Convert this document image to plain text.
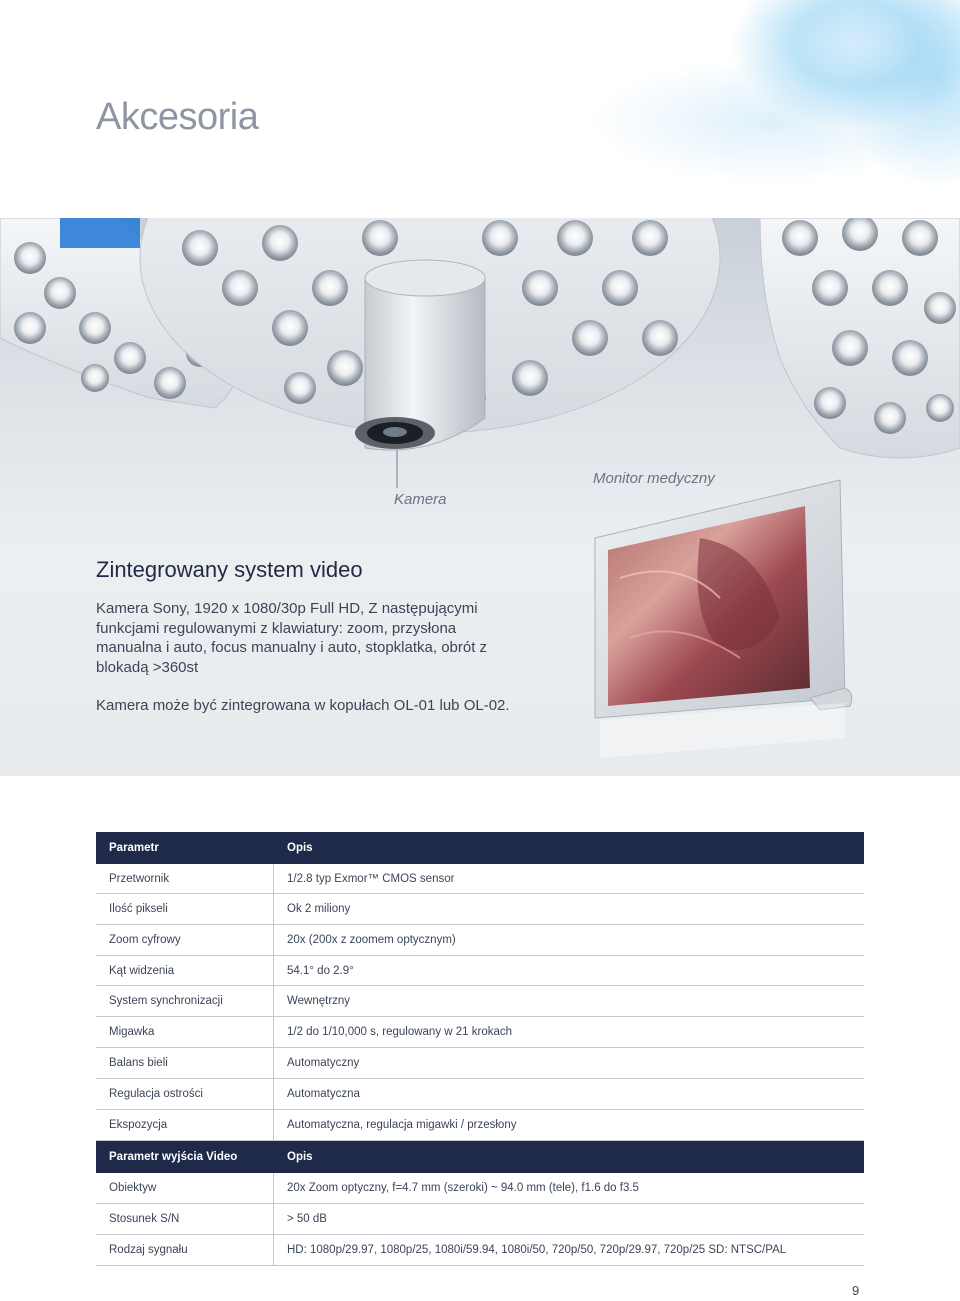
Akcesoria
Kamera
Monitor medyczny
Zintegrowany system video

Kamera Sony, 1920 x 1080/30p Full HD, Z następującymi funkcjami regulowanymi z klawiatury: zoom, przysłona manualna i auto, focus manualny i auto, stopklatka, obrót z blokadą >360st

Kamera może być zintegrowana w kopułach OL-01 lub OL-02.

Parametr	Opis
Przetwornik	1/2.8 typ Exmor™ CMOS sensor
Ilość pikseli	Ok 2 miliony
Zoom cyfrowy	20x (200x z zoomem optycznym)
Kąt widzenia	54.1° do 2.9°
System synchronizacji	Wewnętrzny
Migawka	1/2 do 1/10,000 s, regulowany w 21 krokach
Balans bieli	Automatyczny
Regulacja ostrości	Automatyczna
Ekspozycja	Automatyczna, regulacja migawki / przesłony
Parametr wyjścia Video	Opis
Obiektyw	20x Zoom optyczny, f=4.7 mm (szeroki) ~ 94.0 mm (tele), f1.6 do f3.5
Stosunek S/N	> 50 dB
Rodzaj sygnału	HD: 1080p/29.97, 1080p/25, 1080i/59.94, 1080i/50, 720p/50, 720p/29.97, 720p/25 SD: NTSC/PAL
9
